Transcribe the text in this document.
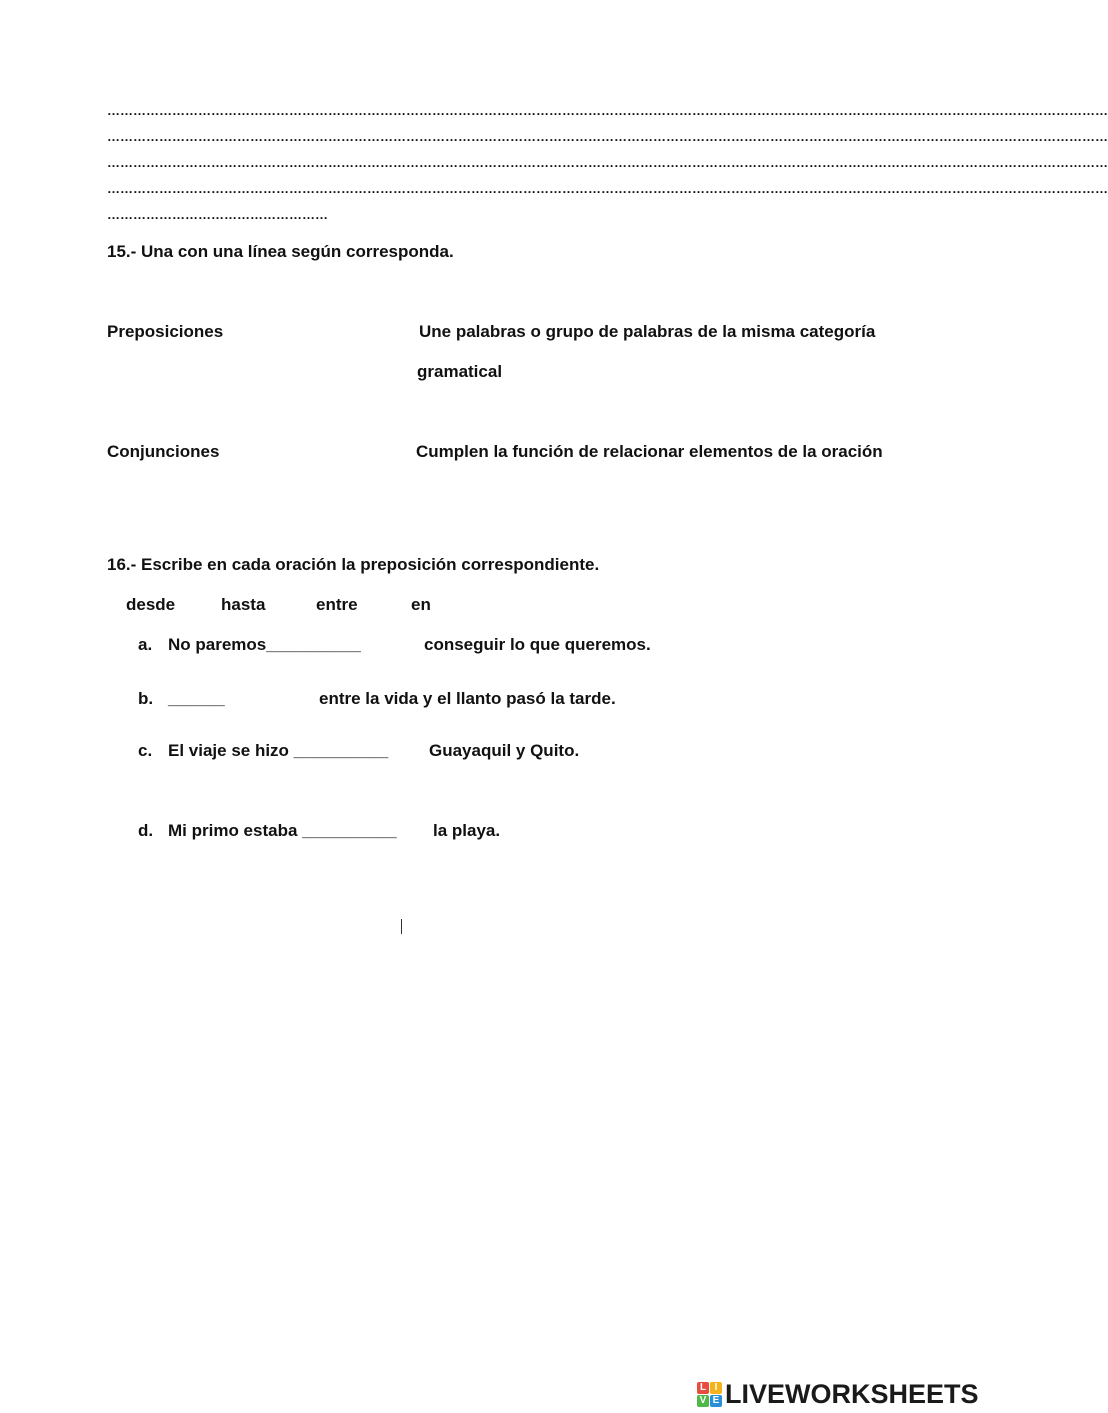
……………………………………………………………………………………………………………………………………………………………………………………………………………
……………………………………………………………………………………………………………………………………………………………………………………………………………
……………………………………………………………………………………………………………………………………………………………………………………………………………
……………………………………………………………………………………………………………………………………………………………………………………………………………
……………………………………………
15.- Una con una línea según corresponda.
Preposiciones	Une palabras o grupo de palabras de la misma categoría
gramatical
Conjunciones	Cumplen la función de relacionar elementos de la oración
16.- Escribe en cada oración la preposición correspondiente.
desde	hasta	entre	en
a. No paremos__________	conseguir lo que queremos.
b. ______	entre la vida y el llanto pasó la tarde.
c. El viaje se hizo __________ Guayaquil y Quito.
d. Mi primo estaba __________ la playa.
L I
V E LIVEWORKSHEETS
